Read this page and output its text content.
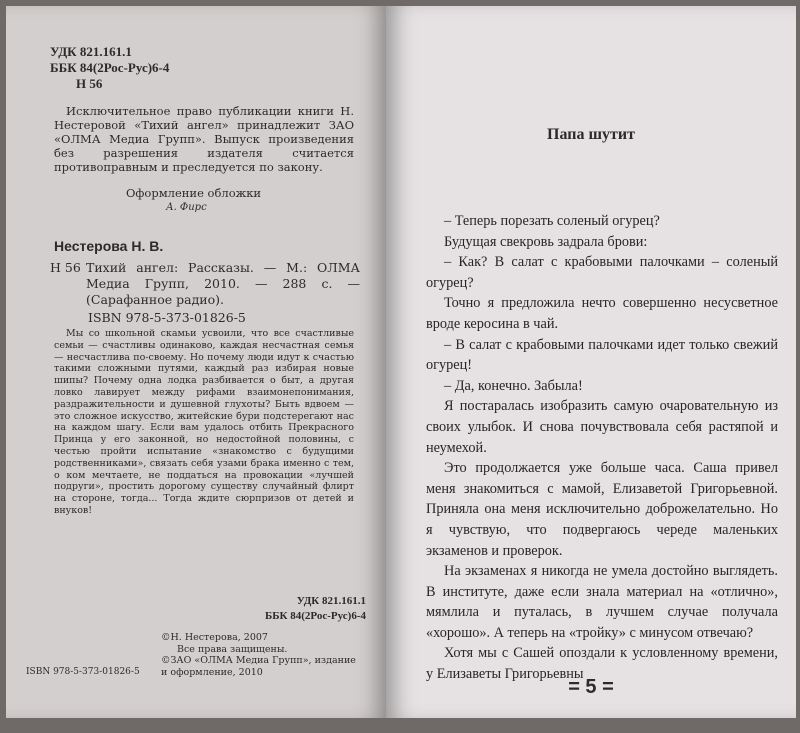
УДК 821.161.1
ББК 84(2Рос-Рус)6-4
Н 56
Исключительное право публикации книги Н. Нестеровой «Тихий ангел» принадлежит ЗАО «ОЛМА Медиа Групп». Выпуск произведения без разрешения издателя считается противоправным и преследуется по закону.
Оформление обложки
А. Фирс
Нестерова Н. В.
Н 56 Тихий ангел: Рассказы. — М.: ОЛМА Медиа Групп, 2010. — 288 с. — (Сарафанное радио).
ISBN 978-5-373-01826-5
Мы со школьной скамьи усвоили, что все счастливые семьи — счастливы одинаково, каждая несчастная семья — несчастлива по-своему. Но почему люди идут к счастью такими сложными путями, каждый раз избирая новые шипы? Почему одна лодка разбивается о быт, а другая ловко лавирует между рифами взаимонепонимания, раздражительности и душевной глухоты? Быть вдвоем — это сложное искусство, житейские бури подстерегают нас на каждом шагу. Если вам удалось отбить Прекрасного Принца у его законной, но недостойной половины, с честью пройти испытание «знакомство с будущими родственниками», связать себя узами брака именно с тем, о ком мечтаете, не поддаться на провокации «лучшей подруги», простить дорогому существу случайный флирт на стороне, тогда... Тогда ждите сюрпризов от детей и внуков!
УДК 821.161.1
ББК 84(2Рос-Рус)6-4
©Н. Нестерова, 2007
Все права защищены.
©ЗАО «ОЛМА Медиа Групп», издание и оформление, 2010
ISBN 978-5-373-01826-5
Папа шутит

– Теперь порезать соленый огурец?

Будущая свекровь задрала брови:

– Как? В салат с крабовыми палочками – соленый огурец?

Точно я предложила нечто совершенно несусветное вроде керосина в чай.

– В салат с крабовыми палочками идет только свежий огурец!

– Да, конечно. Забыла!

Я постаралась изобразить самую очаровательную из своих улыбок. И снова почувствовала себя растяпой и неумехой.

Это продолжается уже больше часа. Саша привел меня знакомиться с мамой, Елизаветой Григорьевной. Приняла она меня исключительно доброжелательно. Но я чувствую, что подвергаюсь череде маленьких экзаменов и проверок.

На экзаменах я никогда не умела достойно выглядеть. В институте, даже если знала материал на «отлично», мямлила и путалась, в лучшем случае получала «хорошо». А теперь на «тройку» с минусом отвечаю?

Хотя мы с Сашей опоздали к условленному времени, у Елизаветы Григорьевны

= 5 =
